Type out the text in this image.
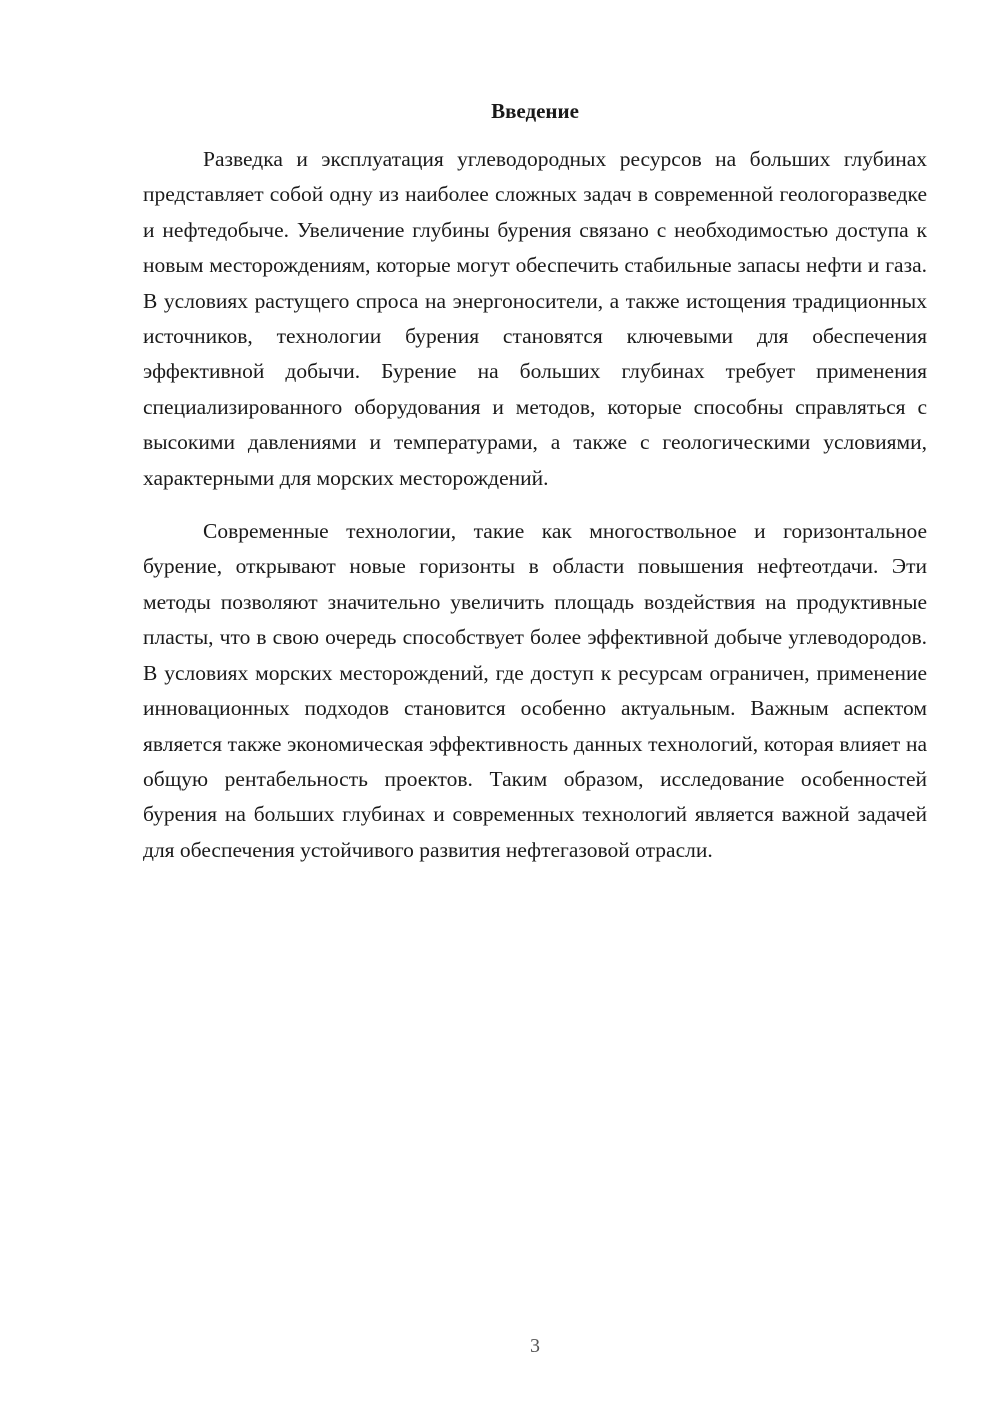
Введение

Разведка и эксплуатация углеводородных ресурсов на больших глубинах представляет собой одну из наиболее сложных задач в современной геологоразведке и нефтедобыче. Увеличение глубины бурения связано с необходимостью доступа к новым месторождениям, которые могут обеспечить стабильные запасы нефти и газа. В условиях растущего спроса на энергоносители, а также истощения традиционных источников, технологии бурения становятся ключевыми для обеспечения эффективной добычи. Бурение на больших глубинах требует применения специализированного оборудования и методов, которые способны справляться с высокими давлениями и температурами, а также с геологическими условиями, характерными для морских месторождений.

Современные технологии, такие как многоствольное и горизонтальное бурение, открывают новые горизонты в области повышения нефтеотдачи. Эти методы позволяют значительно увеличить площадь воздействия на продуктивные пласты, что в свою очередь способствует более эффективной добыче углеводородов. В условиях морских месторождений, где доступ к ресурсам ограничен, применение инновационных подходов становится особенно актуальным. Важным аспектом является также экономическая эффективность данных технологий, которая влияет на общую рентабельность проектов. Таким образом, исследование особенностей бурения на больших глубинах и современных технологий является важной задачей для обеспечения устойчивого развития нефтегазовой отрасли.

3
